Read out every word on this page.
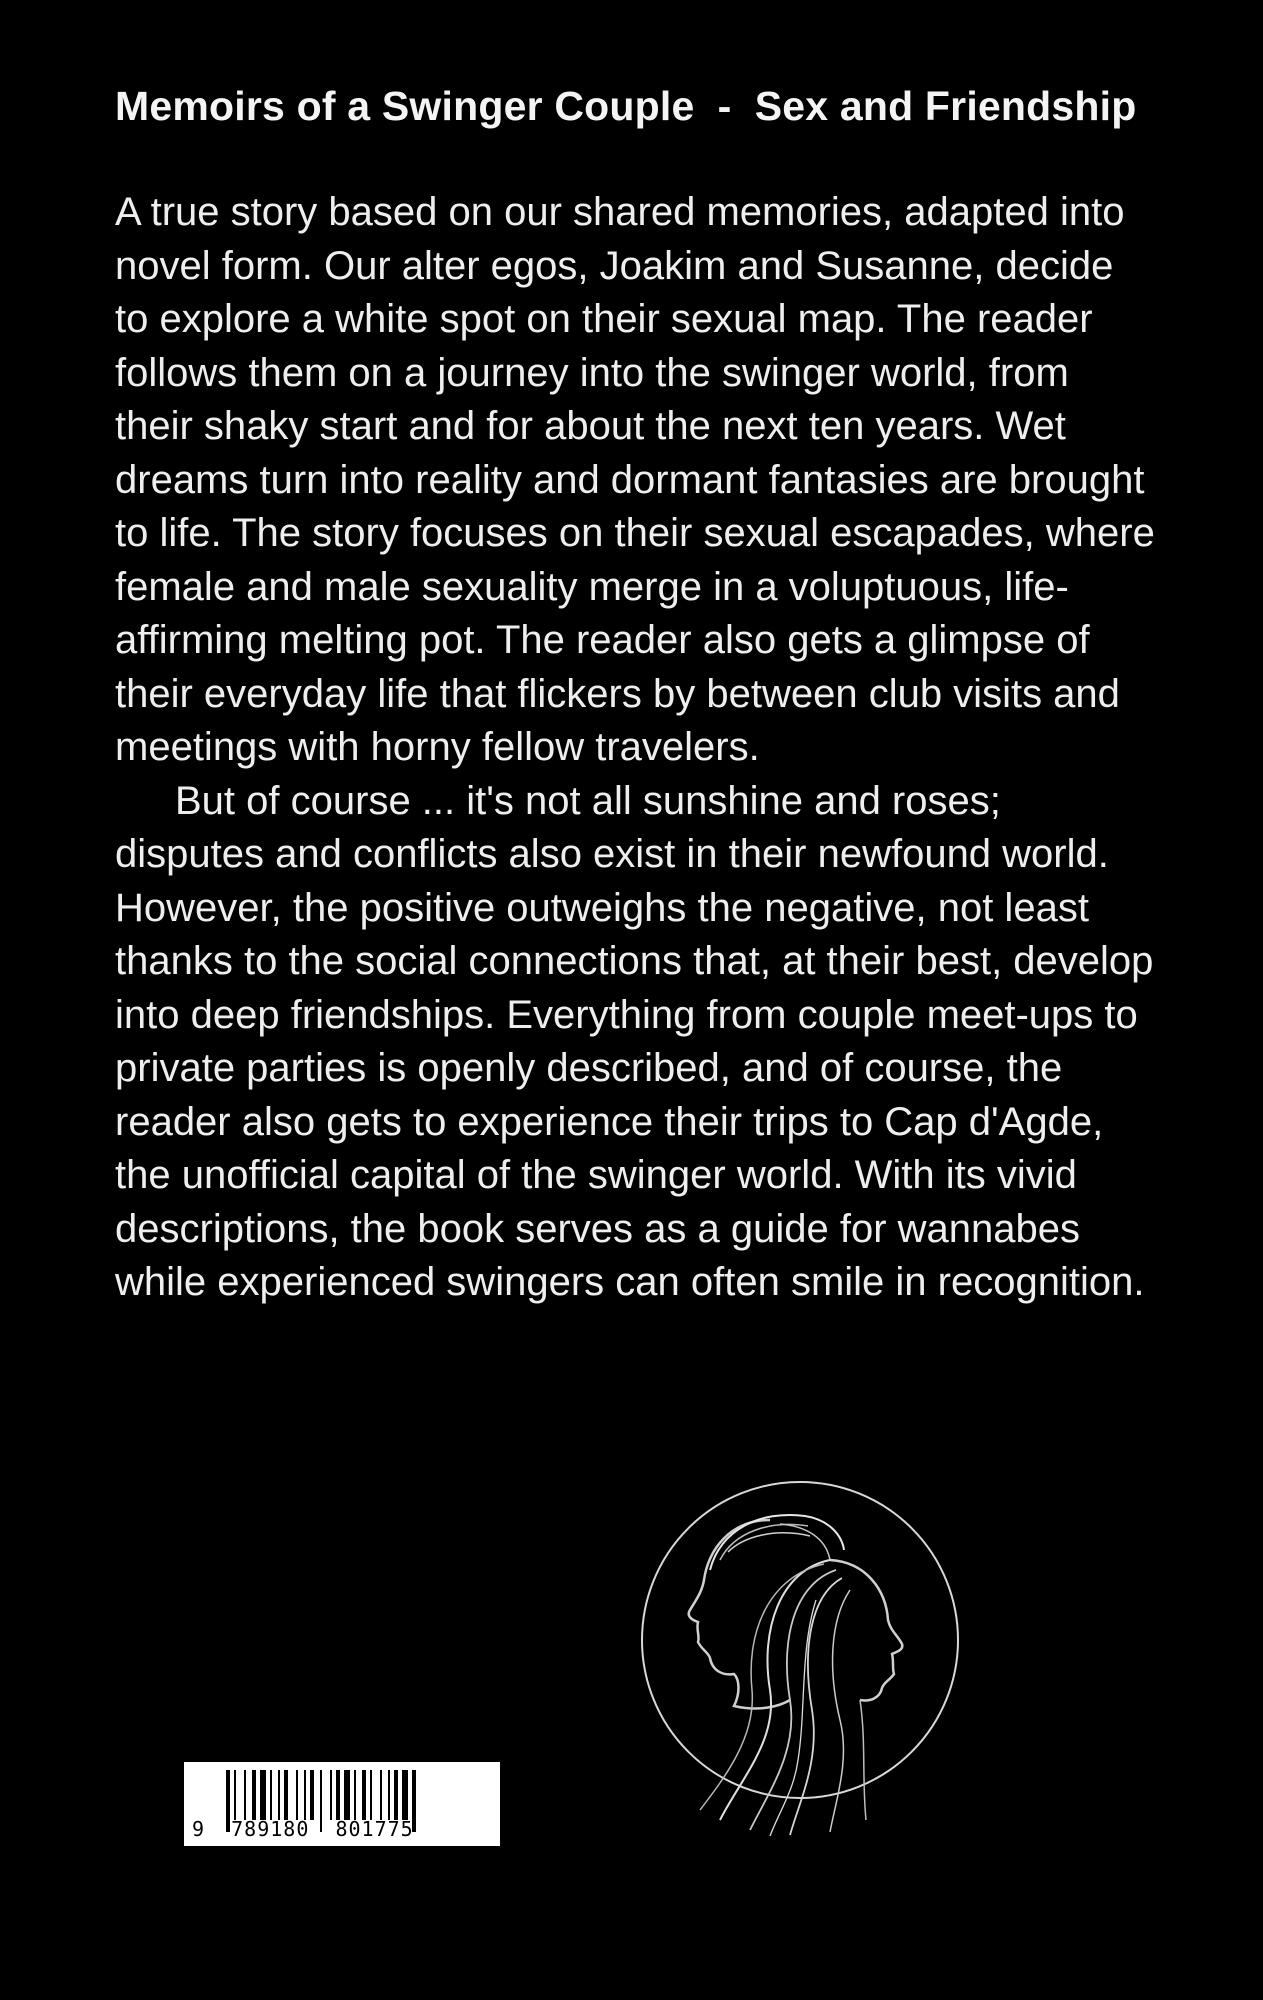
Memoirs of a Swinger Couple  -  Sex and Friendship

A true story based on our shared memories, adapted into novel form. Our alter egos, Joakim and Susanne, decide to explore a white spot on their sexual map. The reader follows them on a journey into the swinger world, from their shaky start and for about the next ten years. Wet dreams turn into reality and dormant fantasies are brought to life. The story focuses on their sexual escapades, where female and male sexuality merge in a voluptuous, life-affirming melting pot. The reader also gets a glimpse of their everyday life that flickers by between club visits and meetings with horny fellow travelers.

But of course ... it's not all sunshine and roses; disputes and conflicts also exist in their newfound world. However, the positive outweighs the negative, not least thanks to the social connections that, at their best, develop into deep friendships. Everything from couple meet-ups to private parties is openly described, and of course, the reader also gets to experience their trips to Cap d'Agde, the unofficial capital of the swinger world. With its vivid descriptions, the book serves as a guide for wannabes while experienced swingers can often smile in recognition.

9  789180  801775
